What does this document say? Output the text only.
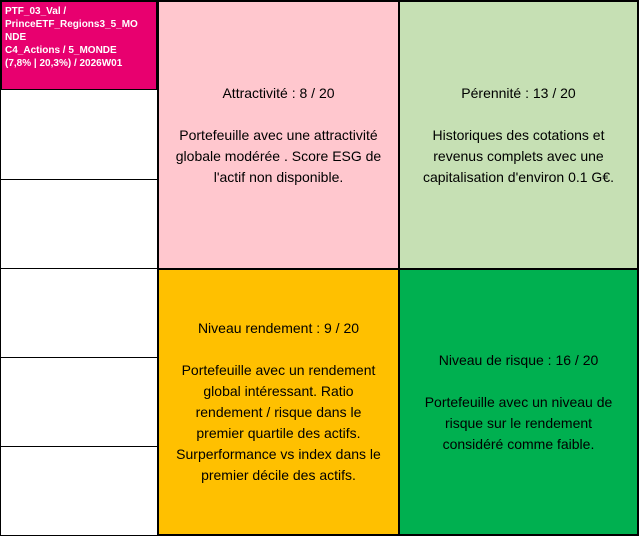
PTF_03_Val /
PrinceETF_Regions3_5_MO
NDE
C4_Actions / 5_MONDE
(7,8% | 20,3%) / 2026W01
Attractivité : 8 / 20
Portefeuille avec une attractivité
globale modérée . Score ESG de
l'actif non disponible.
Pérennité : 13 / 20
Historiques des cotations et
revenus complets avec une
capitalisation d'environ 0.1 G€.
Niveau rendement : 9 / 20
Portefeuille avec un rendement
global intéressant. Ratio
rendement / risque dans le
premier quartile des actifs.
Surperformance vs index dans le
premier décile des actifs.
Niveau de risque : 16 / 20
Portefeuille avec un niveau de
risque sur le rendement
considéré comme faible.
